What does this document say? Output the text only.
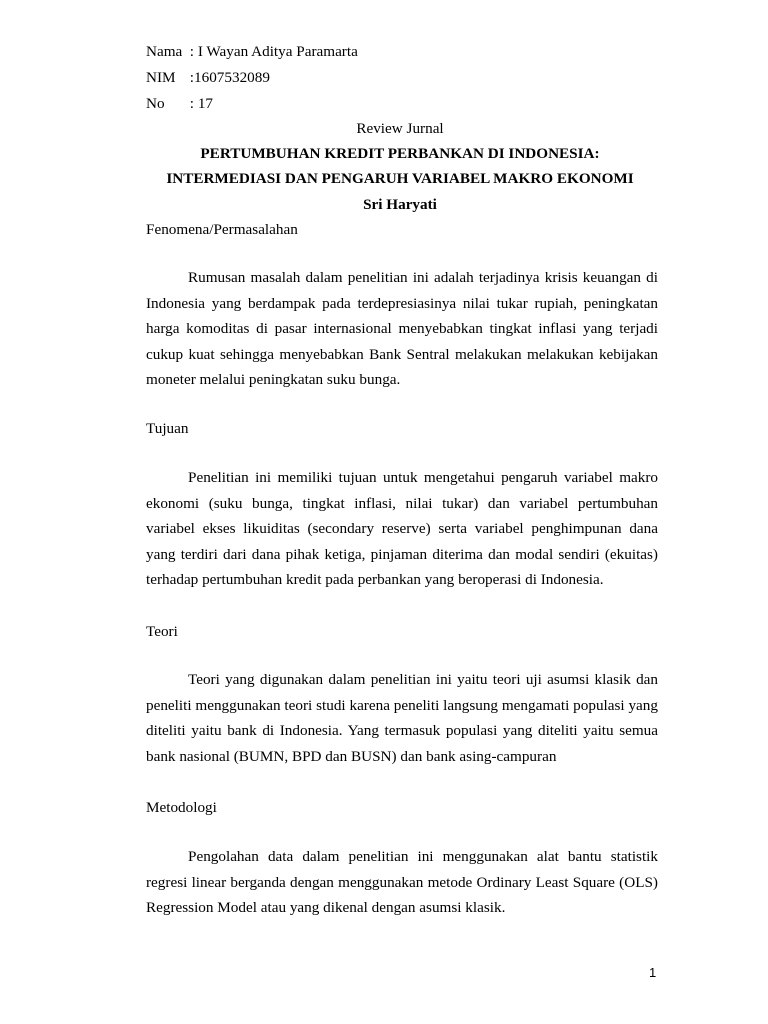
Nama : I Wayan Aditya Paramarta
NIM :1607532089
No : 17
Review Jurnal
PERTUMBUHAN KREDIT PERBANKAN DI INDONESIA:
INTERMEDIASI DAN PENGARUH VARIABEL MAKRO EKONOMI
Sri Haryati
Fenomena/Permasalahan
Rumusan masalah dalam penelitian ini adalah terjadinya krisis keuangan di Indonesia yang berdampak pada terdepresiasinya nilai tukar rupiah, peningkatan harga komoditas di pasar internasional menyebabkan tingkat inflasi yang terjadi cukup kuat sehingga menyebabkan Bank Sentral melakukan melakukan kebijakan moneter melalui peningkatan suku bunga.
Tujuan
Penelitian ini memiliki tujuan untuk mengetahui pengaruh variabel makro ekonomi (suku bunga, tingkat inflasi, nilai tukar) dan variabel pertumbuhan variabel ekses likuiditas (secondary reserve) serta variabel penghimpunan dana yang terdiri dari dana pihak ketiga, pinjaman diterima dan modal sendiri (ekuitas) terhadap pertumbuhan kredit pada perbankan yang beroperasi di Indonesia.
Teori
Teori yang digunakan dalam penelitian ini yaitu teori uji asumsi klasik dan peneliti menggunakan teori studi karena peneliti langsung mengamati populasi yang diteliti yaitu bank di Indonesia. Yang termasuk populasi yang diteliti yaitu semua bank nasional (BUMN, BPD dan BUSN) dan bank asing-campuran
Metodologi
Pengolahan data dalam penelitian ini menggunakan alat bantu statistik regresi linear berganda dengan menggunakan metode Ordinary Least Square (OLS) Regression Model atau yang dikenal dengan asumsi klasik.
1
